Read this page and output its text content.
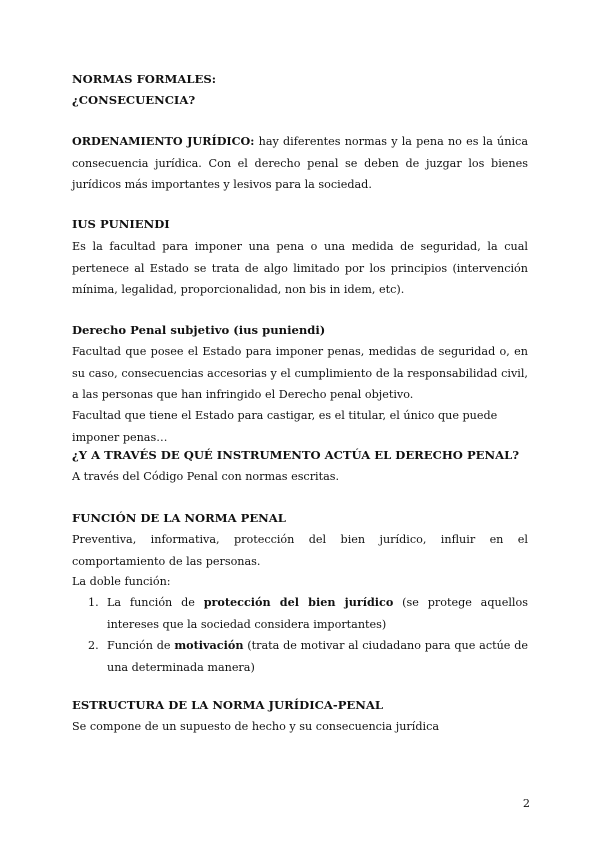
NORMAS FORMALES:
¿CONSECUENCIA?
ORDENAMIENTO JURÍDICO: hay diferentes normas y la pena no es la única consecuencia jurídica. Con el derecho penal se deben de juzgar los bienes jurídicos más importantes y lesivos para la sociedad.
IUS PUNIENDI
Es la facultad para imponer una pena o una medida de seguridad, la cual pertenece al Estado se trata de algo limitado por los principios (intervención mínima, legalidad, proporcionalidad, non bis in idem, etc).
Derecho Penal subjetivo (ius puniendi)
Facultad que posee el Estado para imponer penas, medidas de seguridad o, en su caso, consecuencias accesorias y el cumplimiento de la responsabilidad civil, a las personas que han infringido el Derecho penal objetivo.
Facultad que tiene el Estado para castigar, es el titular, el único que puede imponer penas…
¿Y A TRAVÉS DE QUÉ INSTRUMENTO ACTÚA EL DERECHO PENAL?
A través del Código Penal con normas escritas.
FUNCIÓN DE LA NORMA PENAL
Preventiva, informativa, protección del bien jurídico, influir en el comportamiento de las personas.
La doble función:
1. La función de protección del bien jurídico (se protege aquellos intereses que la sociedad considera importantes)
2. Función de motivación (trata de motivar al ciudadano para que actúe de una determinada manera)
ESTRUCTURA DE LA NORMA JURÍDICA-PENAL
Se compone de un supuesto de hecho y su consecuencia jurídica
2
